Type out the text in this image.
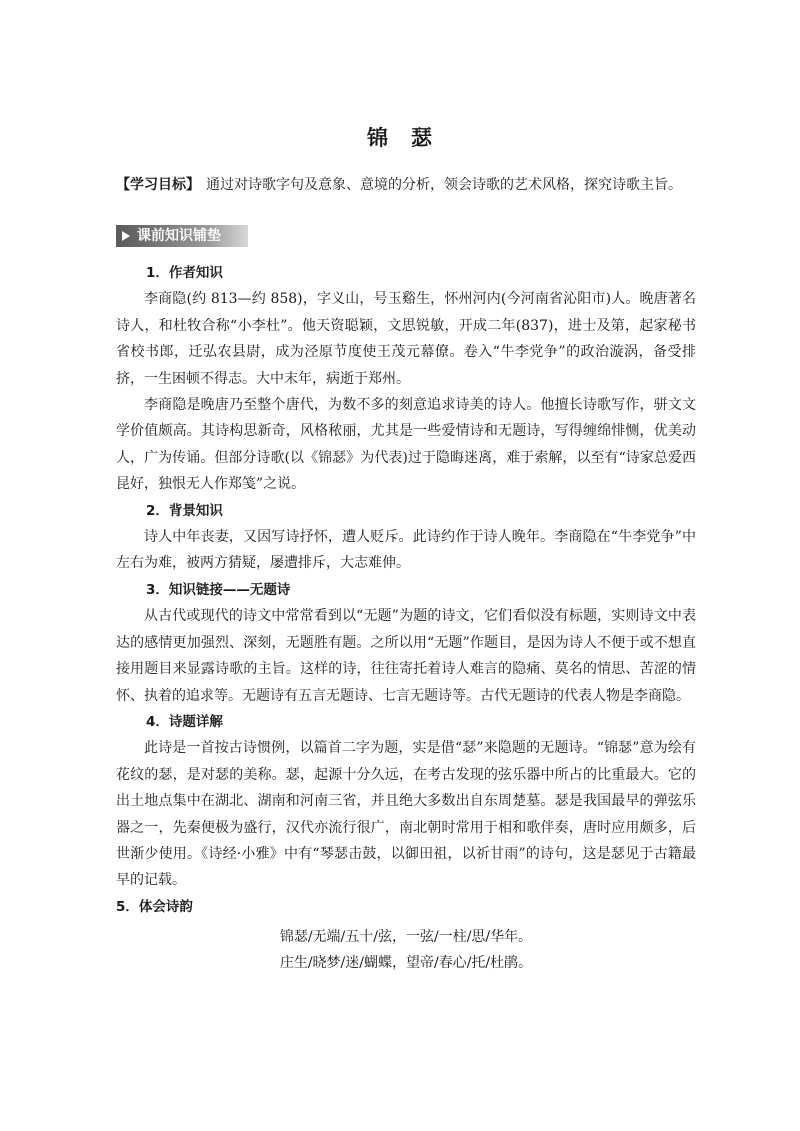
锦 瑟
【学习目标】 通过对诗歌字句及意象、意境的分析，领会诗歌的艺术风格，探究诗歌主旨。
课前知识铺垫
1．作者知识
李商隐(约 813—约 858)，字义山，号玉谿生，怀州河内(今河南省沁阳市)人。晚唐著名诗人，和杜牧合称“小李杜”。他天资聪颖，文思锐敏，开成二年(837)，进士及第，起家秘书省校书郎，迁弘农县尉，成为泾原节度使王茂元幕僚。卷入“牛李党争”的政治漩涡，备受排挤，一生困顿不得志。大中末年，病逝于郑州。
李商隐是晚唐乃至整个唐代，为数不多的刻意追求诗美的诗人。他擅长诗歌写作，骈文文学价值颇高。其诗构思新奇，风格秾丽，尤其是一些爱情诗和无题诗，写得缠绵悱恻，优美动人，广为传诵。但部分诗歌(以《锦瑟》为代表)过于隐晦迷离，难于索解，以至有“诗家总爱西昆好，独恨无人作郑笺”之说。
2．背景知识
诗人中年丧妻，又因写诗抒怀，遭人贬斥。此诗约作于诗人晚年。李商隐在“牛李党争”中左右为难，被两方猜疑，屡遭排斥，大志难伸。
3．知识链接——无题诗
从古代或现代的诗文中常常看到以“无题”为题的诗文，它们看似没有标题，实则诗文中表达的感情更加强烈、深刻，无题胜有题。之所以用“无题”作题目，是因为诗人不便于或不想直接用题目来显露诗歌的主旨。这样的诗，往往寄托着诗人难言的隐痛、莫名的情思、苦涩的情怀、执着的追求等。无题诗有五言无题诗、七言无题诗等。古代无题诗的代表人物是李商隐。
4．诗题详解
此诗是一首按古诗惯例，以篇首二字为题，实是借“瑟”来隐题的无题诗。“锦瑟”意为绘有花纹的瑟，是对瑟的美称。瑟，起源十分久远，在考古发现的弦乐器中所占的比重最大。它的出土地点集中在湖北、湖南和河南三省，并且绝大多数出自东周楚墓。瑟是我国最早的弹弦乐器之一，先秦便极为盛行，汉代亦流行很广，南北朝时常用于相和歌伴奏，唐时应用颇多，后世渐少使用。《诗经·小雅》中有“琴瑟击鼓，以御田祖，以祈甘雨”的诗句，这是瑟见于古籍最早的记载。
5．体会诗韵
锦瑟/无端/五十/弦，一弦/一柱/思/华年。
庄生/晓梦/迷/蝴蝶，望帝/春心/托/杜鹃。
